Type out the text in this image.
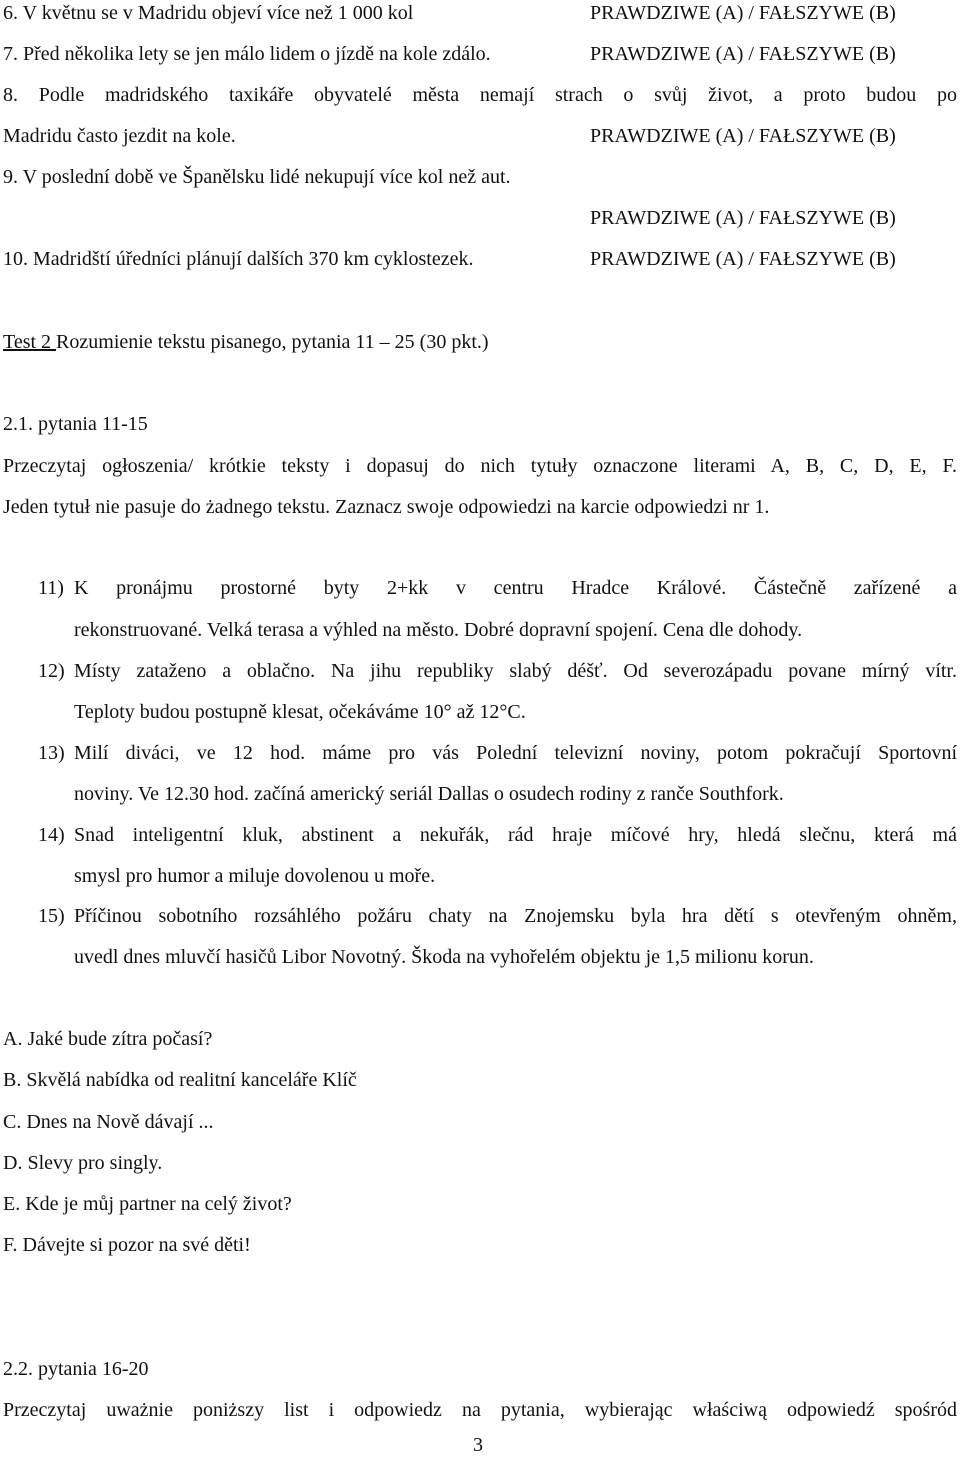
6. V květnu se v Madridu objeví více než 1 000 kol	PRAWDZIWE (A) / FAŁSZYWE (B)
7. Před několika lety se jen málo lidem o jízdě na kole zdálo.	PRAWDZIWE (A) / FAŁSZYWE (B)
8. Podle madridského taxikáře obyvatelé města nemají strach o svůj život, a proto budou po
Madridu často jezdit na kole.	PRAWDZIWE (A) / FAŁSZYWE (B)
9. V poslední době ve Španělsku lidé nekupují více kol než aut.
PRAWDZIWE (A) / FAŁSZYWE (B)
10. Madridští úředníci plánují dalších 370 km cyklostezek.	PRAWDZIWE (A) / FAŁSZYWE (B)
Test 2 Rozumienie tekstu pisanego, pytania 11 – 25 (30 pkt.)
2.1. pytania 11-15
Przeczytaj ogłoszenia/ krótkie teksty i dopasuj do nich tytuły oznaczone literami A, B, C, D, E, F.
Jeden tytuł nie pasuje do żadnego tekstu. Zaznacz swoje odpowiedzi na karcie odpowiedzi nr 1.
11) K pronájmu prostorné byty 2+kk v centru Hradce Králové. Částečně zařízené a
rekonstruované. Velká terasa a výhled na město. Dobré dopravní spojení. Cena dle dohody.
12) Místy zataženo a oblačno. Na jihu republiky slabý déšť. Od severozápadu povane mírný vítr.
Teploty budou postupně klesat, očekáváme 10° až 12°C.
13) Milí diváci, ve 12 hod. máme pro vás Polední televizní noviny, potom pokračují Sportovní
noviny. Ve 12.30 hod. začíná americký seriál Dallas o osudech rodiny z ranče Southfork.
14) Snad inteligentní kluk, abstinent a nekuřák, rád hraje míčové hry, hledá slečnu, která má
smysl pro humor a miluje dovolenou u moře.
15) Příčinou sobotního rozsáhlého požáru chaty na Znojemsku byla hra dětí s otevřeným ohněm,
uvedl dnes mluvčí hasičů Libor Novotný. Škoda na vyhořelém objektu je 1,5 milionu korun.
A. Jaké bude zítra počasí?
B. Skvělá nabídka od realitní kanceláře Klíč
C. Dnes na Nově dávají ...
D. Slevy pro singly.
E. Kde je můj partner na celý život?
F. Dávejte si pozor na své děti!
2.2. pytania 16-20
Przeczytaj uważnie poniższy list i odpowiedz na pytania, wybierając właściwą odpowiedź spośród
3
